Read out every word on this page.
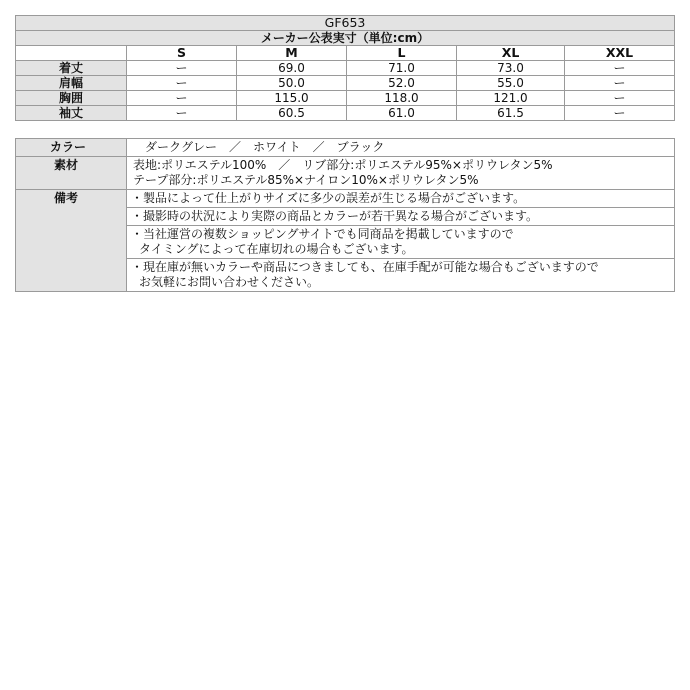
GF653					
メーカー公表実寸（単位:cm）					
	S	M	L	XL	XXL
着丈	ー	69.0	71.0	73.0	ー
肩幅	ー	50.0	52.0	55.0	ー
胸囲	ー	115.0	118.0	121.0	ー
袖丈	ー	60.5	61.0	61.5	ー
カラー	ダークグレー　／　ホワイト　／　ブラック
素材	表地:ポリエステル100%　／　リブ部分:ポリエステル95%×ポリウレタン5%
テープ部分:ポリエステル85%×ナイロン10%×ポリウレタン5%

備考	・製品によって仕上がりサイズに多少の誤差が生じる場合がございます。

	・撮影時の状況により実際の商品とカラーが若干異なる場合がございます。

	・当社運営の複数ショッピングサイトでも同商品を掲載していますので
タイミングによって在庫切れの場合もございます。

	・現在庫が無いカラーや商品につきましても、在庫手配が可能な場合もございますので
お気軽にお問い合わせください。
